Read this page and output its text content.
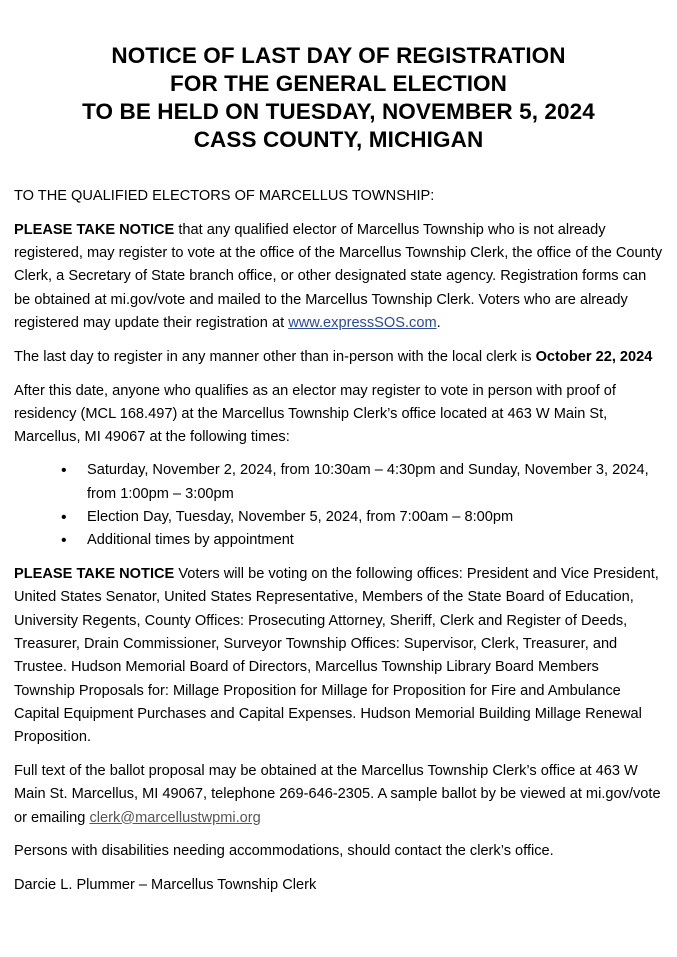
NOTICE OF LAST DAY OF REGISTRATION
FOR THE GENERAL ELECTION
TO BE HELD ON TUESDAY, NOVEMBER 5, 2024
CASS COUNTY, MICHIGAN

TO THE QUALIFIED ELECTORS OF MARCELLUS TOWNSHIP:

PLEASE TAKE NOTICE that any qualified elector of Marcellus Township who is not already registered, may register to vote at the office of the Marcellus Township Clerk, the office of the County Clerk, a Secretary of State branch office, or other designated state agency. Registration forms can be obtained at mi.gov/vote and mailed to the Marcellus Township Clerk. Voters who are already registered may update their registration at www.expressSOS.com.

The last day to register in any manner other than in-person with the local clerk is October 22, 2024

After this date, anyone who qualifies as an elector may register to vote in person with proof of residency (MCL 168.497) at the Marcellus Township Clerk’s office located at 463 W Main St, Marcellus, MI 49067 at the following times:

• Saturday, November 2, 2024, from 10:30am – 4:30pm and Sunday, November 3, 2024, from 1:00pm – 3:00pm
• Election Day, Tuesday, November 5, 2024, from 7:00am – 8:00pm
• Additional times by appointment

PLEASE TAKE NOTICE Voters will be voting on the following offices: President and Vice President, United States Senator, United States Representative, Members of the State Board of Education, University Regents, County Offices: Prosecuting Attorney, Sheriff, Clerk and Register of Deeds, Treasurer, Drain Commissioner, Surveyor Township Offices: Supervisor, Clerk, Treasurer, and Trustee. Hudson Memorial Board of Directors, Marcellus Township Library Board Members Township Proposals for: Millage Proposition for Millage for Proposition for Fire and Ambulance Capital Equipment Purchases and Capital Expenses. Hudson Memorial Building Millage Renewal Proposition.

Full text of the ballot proposal may be obtained at the Marcellus Township Clerk’s office at 463 W Main St. Marcellus, MI 49067, telephone 269-646-2305. A sample ballot by be viewed at mi.gov/vote or emailing clerk@marcellustwpmi.org

Persons with disabilities needing accommodations, should contact the clerk’s office.

Darcie L. Plummer – Marcellus Township Clerk
